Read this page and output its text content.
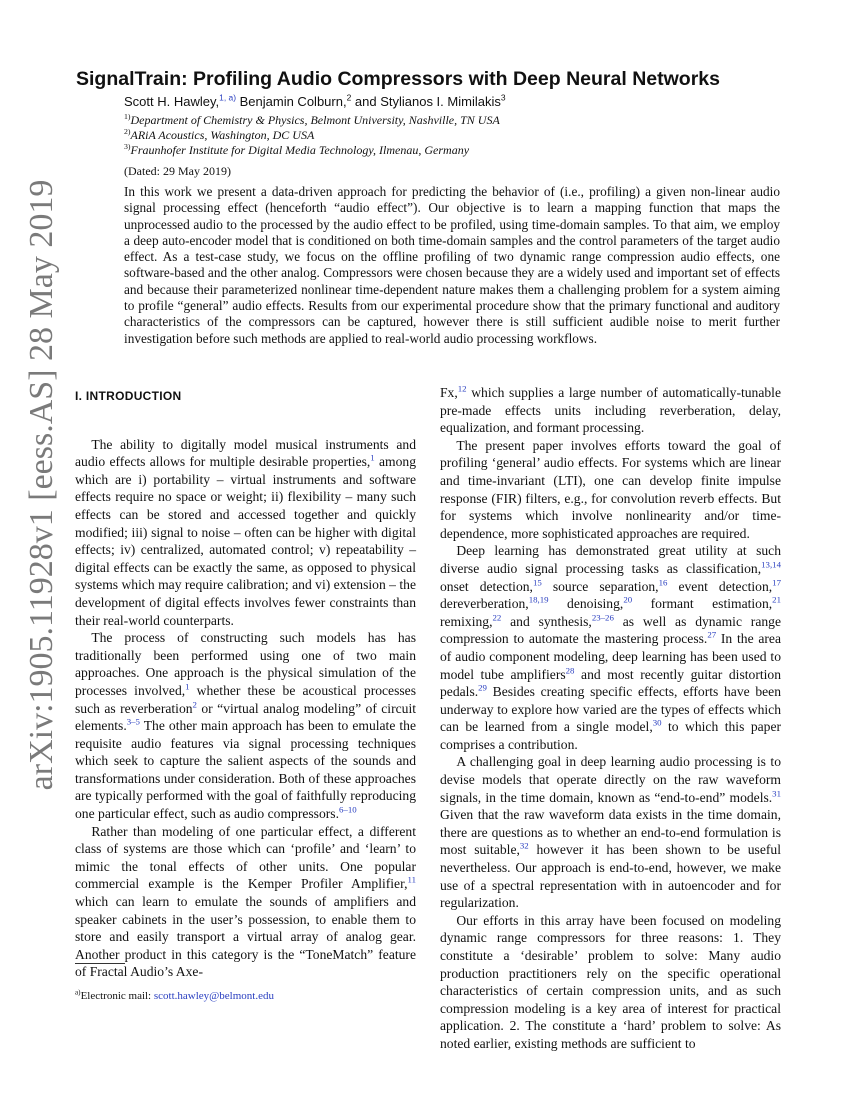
arXiv:1905.11928v1 [eess.AS] 28 May 2019
SignalTrain: Profiling Audio Compressors with Deep Neural Networks
Scott H. Hawley,$^{1, a)}$ Benjamin Colburn,$^2$ and Stylianos I. Mimilakis$^3$
$^{1)}$Department of Chemistry & Physics, Belmont University, Nashville, TN USA
$^{2)}$ARiA Acoustics, Washington, DC USA
$^{3)}$Fraunhofer Institute for Digital Media Technology, Ilmenau, Germany
(Dated: 29 May 2019)
In this work we present a data-driven approach for predicting the behavior of (i.e., profiling) a given non-linear audio signal processing effect (henceforth “audio effect”). Our objective is to learn a mapping function that maps the unprocessed audio to the processed by the audio effect to be profiled, using time-domain samples. To that aim, we employ a deep auto-encoder model that is conditioned on both time-domain samples and the control parameters of the target audio effect. As a test-case study, we focus on the offline profiling of two dynamic range compression audio effects, one software-based and the other analog. Compressors were chosen because they are a widely used and important set of effects and because their parameterized nonlinear time-dependent nature makes them a challenging problem for a system aiming to profile “general” audio effects. Results from our experimental procedure show that the primary functional and auditory characteristics of the compressors can be captured, however there is still sufficient audible noise to merit further investigation before such methods are applied to real-world audio processing workflows.
I. INTRODUCTION

The ability to digitally model musical instruments and audio effects allows for multiple desirable properties,$^1$ among which are i) portability – virtual instruments and software effects require no space or weight; ii) flexibility – many such effects can be stored and accessed together and quickly modified; iii) signal to noise – often can be higher with digital effects; iv) centralized, automated control; v) repeatability – digital effects can be exactly the same, as opposed to physical systems which may require calibration; and vi) extension – the development of digital effects involves fewer constraints than their real-world counterparts.

The process of constructing such models has has traditionally been performed using one of two main approaches. One approach is the physical simulation of the processes involved,$^1$ whether these be acoustical processes such as reverberation$^2$ or “virtual analog modeling” of circuit elements.$^{3-5}$ The other main approach has been to emulate the requisite audio features via signal processing techniques which seek to capture the salient aspects of the sounds and transformations under consideration. Both of these approaches are typically performed with the goal of faithfully reproducing one particular effect, such as audio compressors.$^{6-10}$

Rather than modeling of one particular effect, a different class of systems are those which can ‘profile’ and ‘learn’ to mimic the tonal effects of other units. One popular commercial example is the Kemper Profiler Amplifier,$^{11}$ which can learn to emulate the sounds of amplifiers and speaker cabinets in the user’s possession, to enable them to store and easily transport a virtual array of analog gear. Another product in this category is the “ToneMatch” feature of Fractal Audio’s Axe-

Fx,$^{12}$ which supplies a large number of automatically-tunable pre-made effects units including reverberation, delay, equalization, and formant processing.

The present paper involves efforts toward the goal of profiling ‘general’ audio effects. For systems which are linear and time-invariant (LTI), one can develop finite impulse response (FIR) filters, e.g., for convolution reverb effects. But for systems which involve nonlinearity and/or time-dependence, more sophisticated approaches are required.

Deep learning has demonstrated great utility at such diverse audio signal processing tasks as classification,$^{13,14}$ onset detection,$^{15}$ source separation,$^{16}$ event detection,$^{17}$ dereverberation,$^{18,19}$ denoising,$^{20}$ formant estimation,$^{21}$ remixing,$^{22}$ and synthesis,$^{23-26}$ as well as dynamic range compression to automate the mastering process.$^{27}$ In the area of audio component modeling, deep learning has been used to model tube amplifiers$^{28}$ and most recently guitar distortion pedals.$^{29}$ Besides creating specific effects, efforts have been underway to explore how varied are the types of effects which can be learned from a single model,$^{30}$ to which this paper comprises a contribution.

A challenging goal in deep learning audio processing is to devise models that operate directly on the raw waveform signals, in the time domain, known as “end-to-end” models.$^{31}$ Given that the raw waveform data exists in the time domain, there are questions as to whether an end-to-end formulation is most suitable,$^{32}$ however it has been shown to be useful nevertheless. Our approach is end-to-end, however, we make use of a spectral representation with in autoencoder and for regularization.

Our efforts in this array have been focused on modeling dynamic range compressors for three reasons: 1. They constitute a ‘desirable’ problem to solve: Many audio production practitioners rely on the specific operational characteristics of certain compression units, and as such compression modeling is a key area of interest for practical application. 2. The constitute a ‘hard’ problem to solve: As noted earlier, existing methods are sufficient to

$^{a)}$Electronic mail: scott.hawley@belmont.edu
